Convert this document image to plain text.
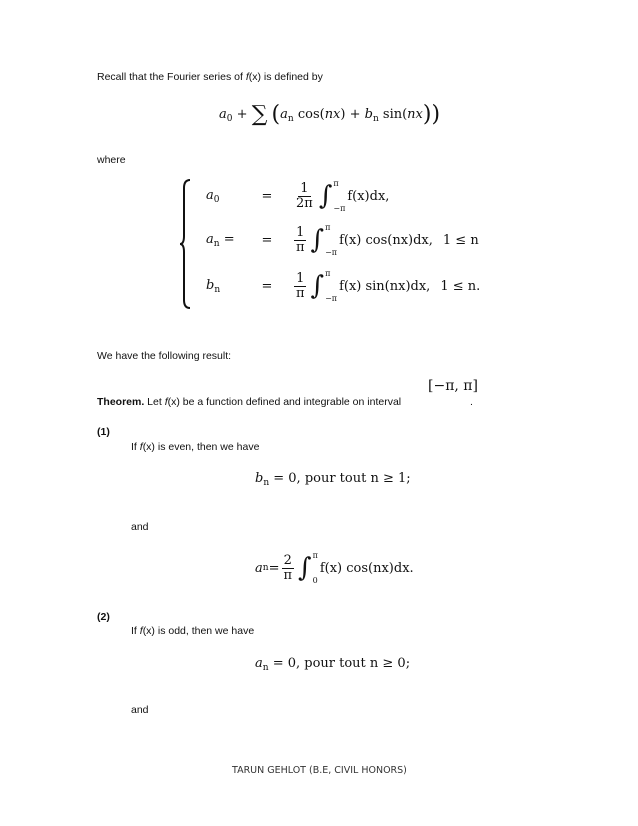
Recall that the Fourier series of f(x) is defined by
$a_0$ + ∑ ($a_n$ $\cos(nx) + b_n$ sin(nx))
where
$a_0$	=	$\frac{1}{2\pi}$ ∫ π
−π
f(x)dx,
$a_n$ =	=	$\frac{1}{\pi}$ ∫ π
−π
f(x) cos(nx)dx, 1 ≤ n
$b_n$	=	$\frac{1}{\pi}$ ∫ π
−π
f(x) sin(nx)dx, 1 ≤ n.
We have the following result:
[−π, π]
Theorem. Let f(x) be a function defined and integrable on interval	.
(1)
If f(x) is even, then we have
$b_n = 0$, pour tout n ≥ 1;
and
a $n = \frac{2}{\pi}$ ∫ π
0
f(x) cos(nx)dx.
(2)
If f(x) is odd, then we have
$a_n = 0$, pour tout n ≥ 0;
and
TARUN GEHLOT (B.E, CIVIL HONORS)
